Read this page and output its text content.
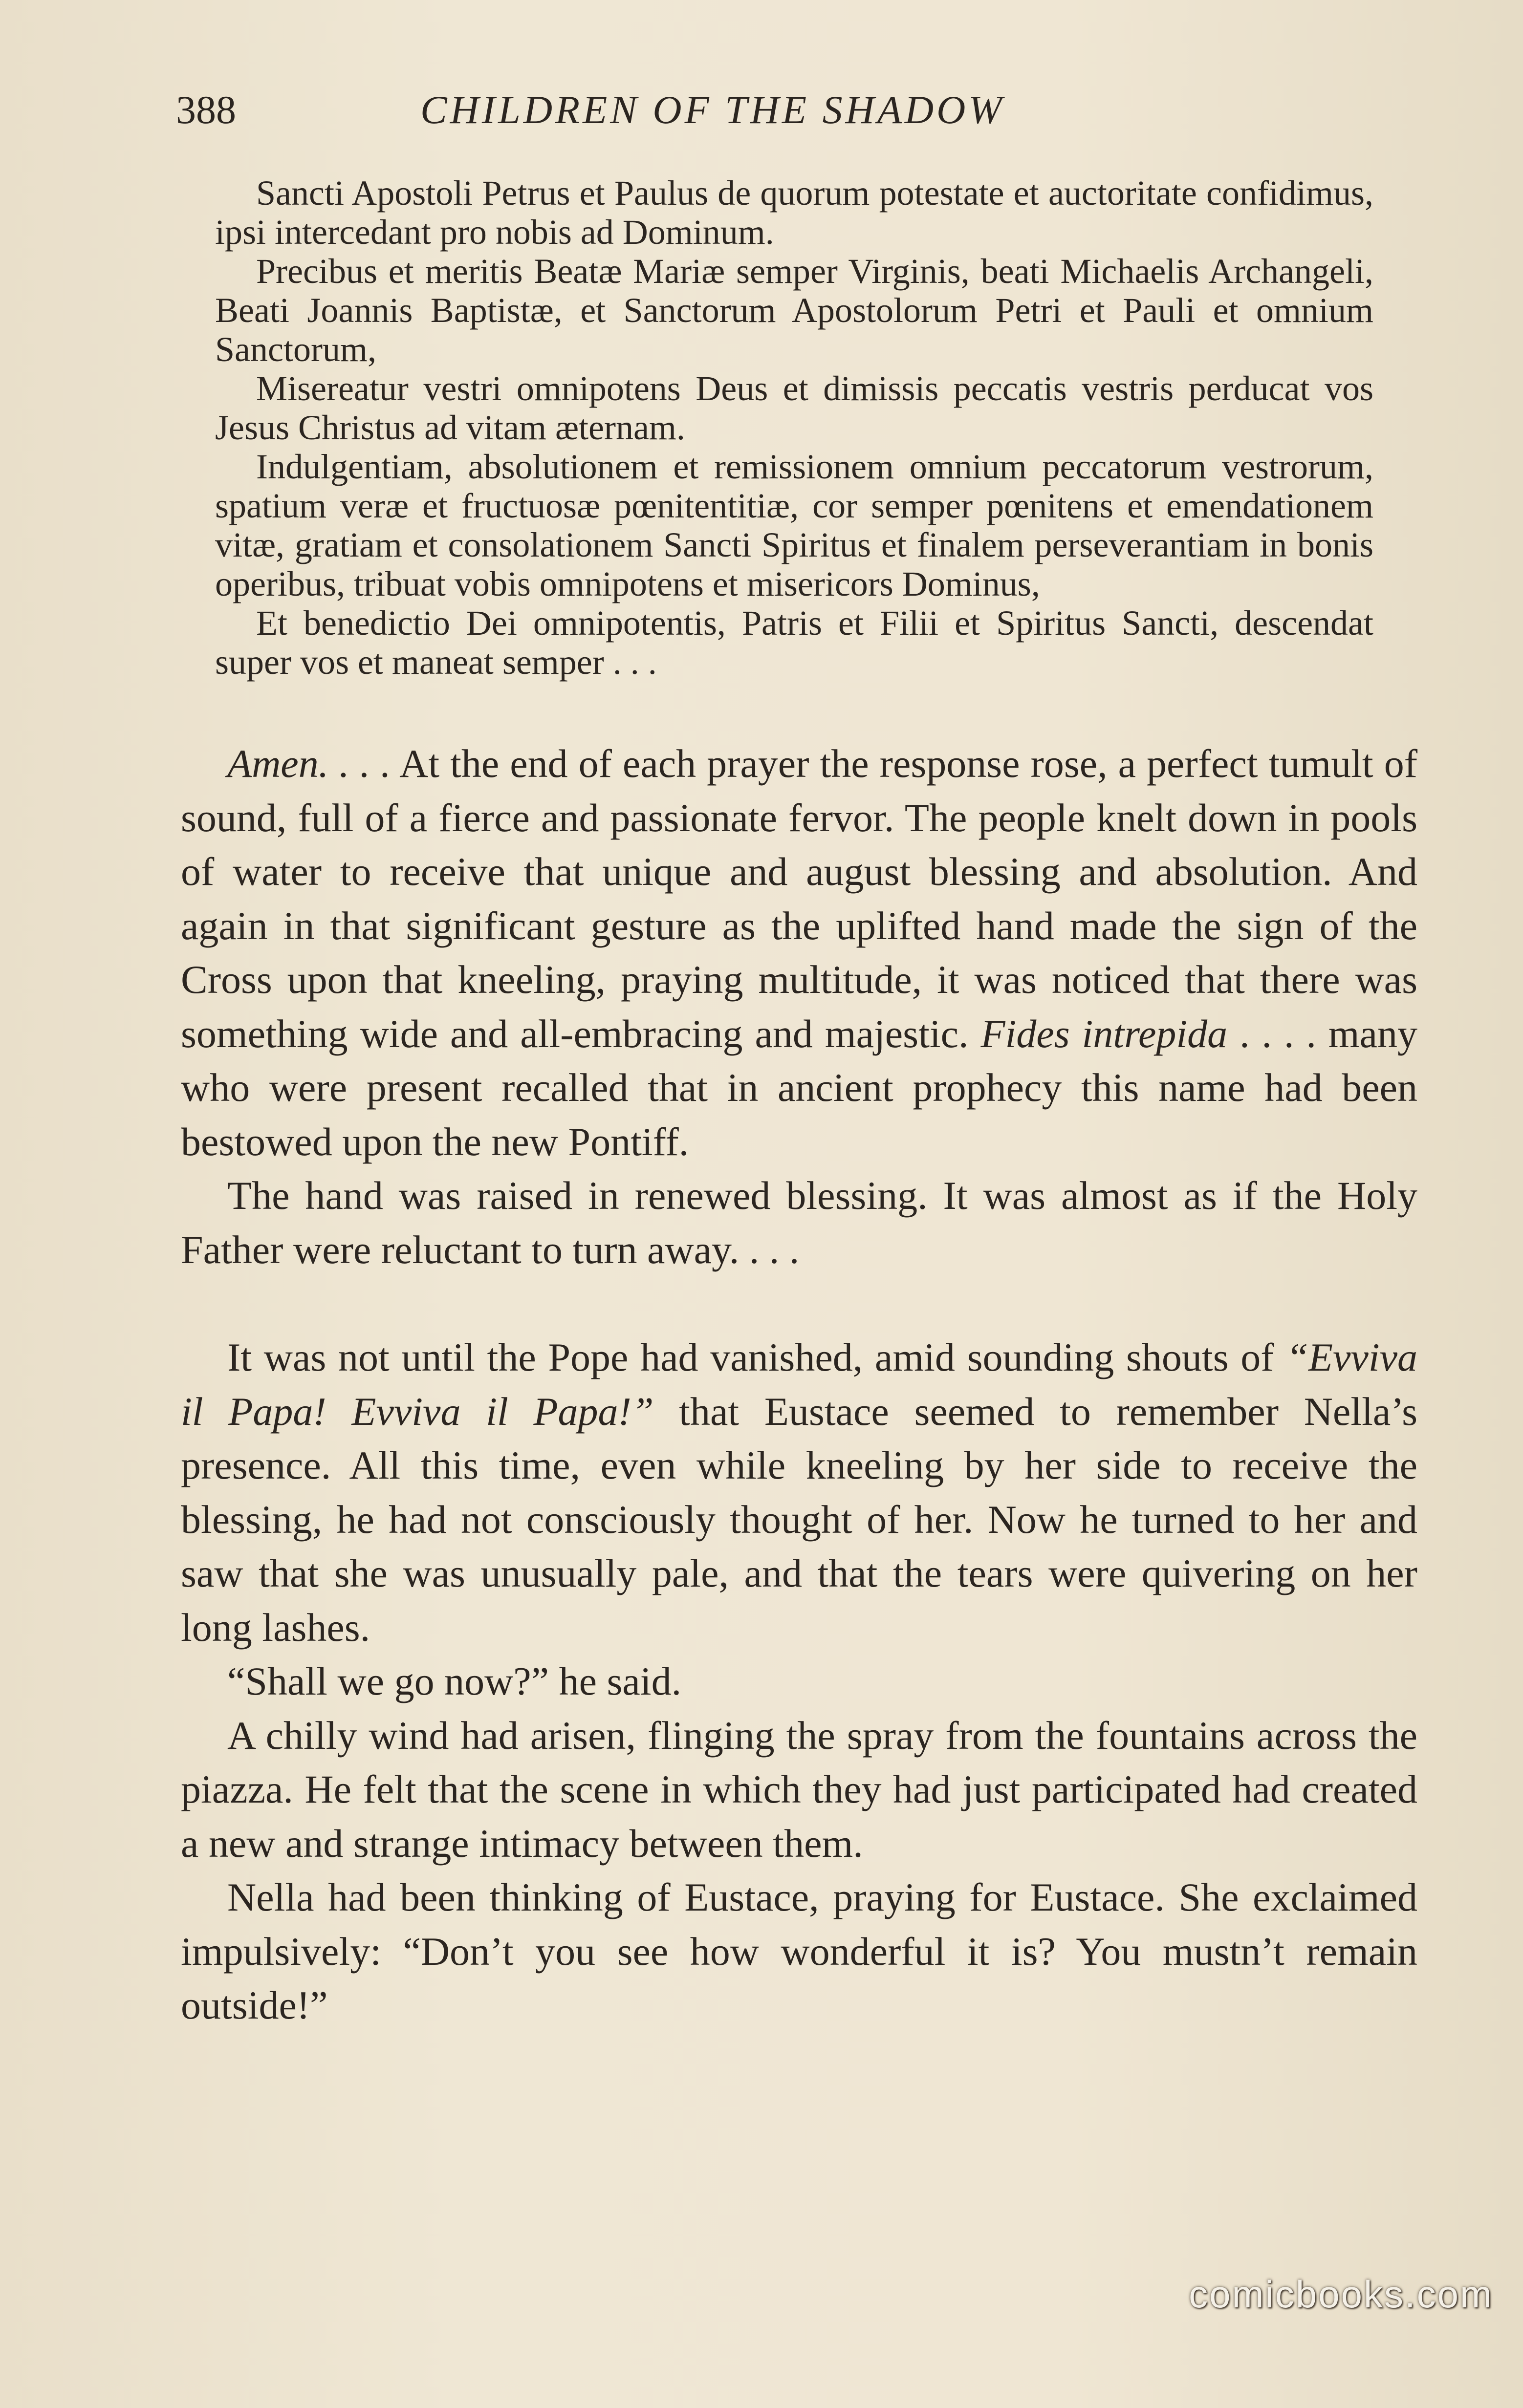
388	CHILDREN OF THE SHADOW

Sancti Apostoli Petrus et Paulus de quorum potestate et auctoritate confidimus, ipsi intercedant pro nobis ad Dominum.

Precibus et meritis Beatæ Mariæ semper Virginis, beati Michaelis Archangeli, Beati Joannis Baptistæ, et Sanctorum Apostolorum Petri et Pauli et omnium Sanctorum,

Misereatur vestri omnipotens Deus et dimissis peccatis vestris perducat vos Jesus Christus ad vitam æternam.

Indulgentiam, absolutionem et remissionem omnium peccatorum vestrorum, spatium veræ et fructuosæ pœnitentitiæ, cor semper pœnitens et emendationem vitæ, gratiam et consolationem Sancti Spiritus et finalem perseverantiam in bonis operibus, tribuat vobis omnipotens et misericors Dominus,

Et benedictio Dei omnipotentis, Patris et Filii et Spiritus Sancti, descendat super vos et maneat semper . . .

Amen. . . . At the end of each prayer the response rose, a perfect tumult of sound, full of a fierce and passionate fervor. The people knelt down in pools of water to receive that unique and august blessing and absolution. And again in that significant gesture as the uplifted hand made the sign of the Cross upon that kneeling, praying multitude, it was noticed that there was something wide and all-embracing and majestic. Fides intrepida . . . . many who were present recalled that in ancient prophecy this name had been bestowed upon the new Pontiff.

The hand was raised in renewed blessing. It was almost as if the Holy Father were reluctant to turn away. . . .

It was not until the Pope had vanished, amid sounding shouts of “Evviva il Papa! Evviva il Papa!” that Eustace seemed to remember Nella’s presence. All this time, even while kneeling by her side to receive the blessing, he had not consciously thought of her. Now he turned to her and saw that she was unusually pale, and that the tears were quivering on her long lashes.

“Shall we go now?” he said.

A chilly wind had arisen, flinging the spray from the fountains across the piazza. He felt that the scene in which they had just participated had created a new and strange intimacy between them.

Nella had been thinking of Eustace, praying for Eustace. She exclaimed impulsively: “Don’t you see how wonderful it is? You mustn’t remain outside!”

comicbooks.com
